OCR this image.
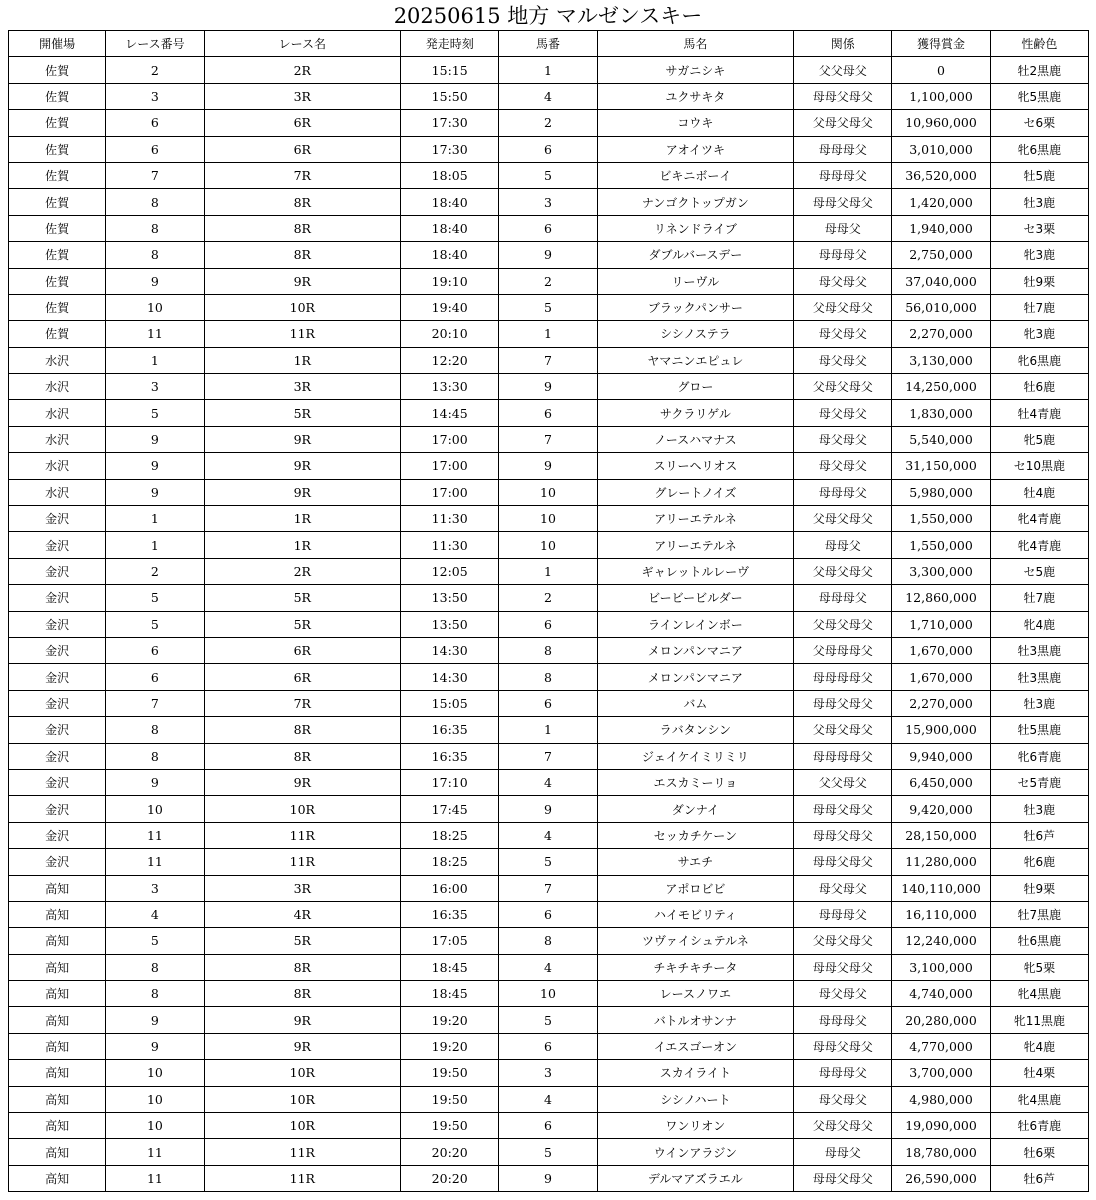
20250615 地方 マルゼンスキー
開催場	レース番号	レース名	発走時刻	馬番	馬名	関係	獲得賞金	性齢色
佐賀	2	2R	15:15	1	サガニシキ	父父母父	0	牡2黒鹿
佐賀	3	3R	15:50	4	ユクサキタ	母母父母父	1,100,000	牝5黒鹿
佐賀	6	6R	17:30	2	コウキ	父母父母父	10,960,000	セ6栗
佐賀	6	6R	17:30	6	アオイツキ	母母母父	3,010,000	牝6黒鹿
佐賀	7	7R	18:05	5	ビキニボーイ	母母母父	36,520,000	牡5鹿
佐賀	8	8R	18:40	3	ナンゴクトップガン	母母父母父	1,420,000	牡3鹿
佐賀	8	8R	18:40	6	リネンドライブ	母母父	1,940,000	セ3栗
佐賀	8	8R	18:40	9	ダブルバースデー	母母母父	2,750,000	牝3鹿
佐賀	9	9R	19:10	2	リーヴル	母父母父	37,040,000	牡9栗
佐賀	10	10R	19:40	5	ブラックパンサー	父母父母父	56,010,000	牡7鹿
佐賀	11	11R	20:10	1	シシノステラ	母父母父	2,270,000	牝3鹿
水沢	1	1R	12:20	7	ヤマニンエピュレ	母父母父	3,130,000	牝6黒鹿
水沢	3	3R	13:30	9	グロー	父母父母父	14,250,000	牡6鹿
水沢	5	5R	14:45	6	サクラリゲル	母父母父	1,830,000	牡4青鹿
水沢	9	9R	17:00	7	ノースハマナス	母父母父	5,540,000	牝5鹿
水沢	9	9R	17:00	9	スリーヘリオス	母父母父	31,150,000	セ10黒鹿
水沢	9	9R	17:00	10	グレートノイズ	母母母父	5,980,000	牡4鹿
金沢	1	1R	11:30	10	アリーエテルネ	父母父母父	1,550,000	牝4青鹿
金沢	1	1R	11:30	10	アリーエテルネ	母母父	1,550,000	牝4青鹿
金沢	2	2R	12:05	1	ギャレットルレーヴ	父母父母父	3,300,000	セ5鹿
金沢	5	5R	13:50	2	ビービービルダー	母母母父	12,860,000	牡7鹿
金沢	5	5R	13:50	6	ラインレインボー	父母父母父	1,710,000	牝4鹿
金沢	6	6R	14:30	8	メロンパンマニア	父母母母父	1,670,000	牡3黒鹿
金沢	6	6R	14:30	8	メロンパンマニア	母母母母父	1,670,000	牡3黒鹿
金沢	7	7R	15:05	6	バム	母母父母父	2,270,000	牡3鹿
金沢	8	8R	16:35	1	ラバタンシン	父母父母父	15,900,000	牡5黒鹿
金沢	8	8R	16:35	7	ジェイケイミリミリ	母母母母父	9,940,000	牝6青鹿
金沢	9	9R	17:10	4	エスカミーリョ	父父母父	6,450,000	セ5青鹿
金沢	10	10R	17:45	9	ダンナイ	母母父母父	9,420,000	牡3鹿
金沢	11	11R	18:25	4	セッカチケーン	母母父母父	28,150,000	牡6芦
金沢	11	11R	18:25	5	サエチ	母母父母父	11,280,000	牝6鹿
高知	3	3R	16:00	7	アポロビビ	母父母父	140,110,000	牡9栗
高知	4	4R	16:35	6	ハイモビリティ	母母母父	16,110,000	牡7黒鹿
高知	5	5R	17:05	8	ツヴァイシュテルネ	父母父母父	12,240,000	牡6黒鹿
高知	8	8R	18:45	4	チキチキチータ	母母父母父	3,100,000	牝5栗
高知	8	8R	18:45	10	レースノワエ	母父母父	4,740,000	牝4黒鹿
高知	9	9R	19:20	5	バトルオサンナ	母母母父	20,280,000	牝11黒鹿
高知	9	9R	19:20	6	イエスゴーオン	母母父母父	4,770,000	牝4鹿
高知	10	10R	19:50	3	スカイライト	母母母父	3,700,000	牡4栗
高知	10	10R	19:50	4	シシノハート	母父母父	4,980,000	牝4黒鹿
高知	10	10R	19:50	6	ワンリオン	父母父母父	19,090,000	牡6青鹿
高知	11	11R	20:20	5	ウインアラジン	母母父	18,780,000	牡6栗
高知	11	11R	20:20	9	デルマアズラエル	母母父母父	26,590,000	牡6芦
